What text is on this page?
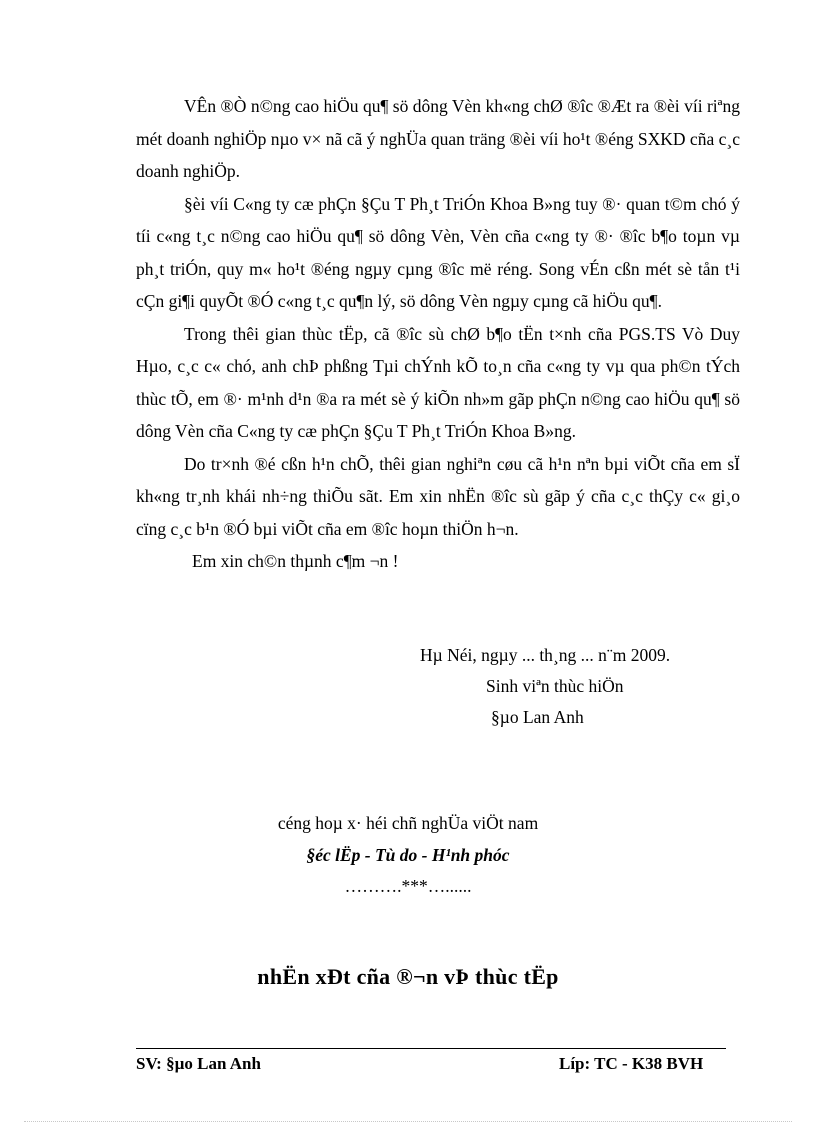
VÊn ®Ò n©ng cao hiÖu qu¶ sö dông Vèn kh«ng chØ ®îc ®Æt ra ®èi víi riªng mét doanh nghiÖp nµo v× nã cã ý nghÜa quan träng ®èi víi ho¹t ®éng SXKD cña c¸c doanh nghiÖp.

§èi víi C«ng ty cæ phÇn §Çu T Ph¸t TriÓn Khoa B»ng tuy ®· quan t©m chó ý tíi c«ng t¸c n©ng cao hiÖu qu¶ sö dông Vèn, Vèn cña c«ng ty ®· ®îc b¶o toµn vµ ph¸t triÓn, quy m« ho¹t ®éng ngµy cµng ®îc më réng. Song vÉn cßn mét sè tån t¹i cÇn gi¶i quyÕt ®Ó c«ng t¸c qu¶n lý, sö dông Vèn ngµy cµng cã hiÖu qu¶.

Trong thêi gian thùc tËp, cã ®îc sù chØ b¶o tËn t×nh cña PGS.TS Vò Duy Hµo, c¸c c« chó, anh chÞ phßng Tµi chÝnh kÕ to¸n cña c«ng ty vµ qua ph©n tÝch thùc tÕ, em ®· m¹nh d¹n ®a ra mét sè ý kiÕn nh»m gãp phÇn n©ng cao hiÖu qu¶ sö dông Vèn cña C«ng ty cæ phÇn §Çu T Ph¸t TriÓn Khoa B»ng.

Do tr×nh ®é cßn h¹n chÕ, thêi gian nghiªn cøu cã h¹n nªn bµi viÕt cña em sÏ kh«ng tr¸nh khái nh÷ng thiÕu sãt. Em xin nhËn ®îc sù gãp ý cña c¸c thÇy c« gi¸o cïng c¸c b¹n ®Ó bµi viÕt cña em ®îc hoµn thiÖn h¬n.

Em xin ch©n thµnh c¶m ¬n !

Hµ Néi, ngµy ... th¸ng ... n¨m 2009.
Sinh viªn thùc hiÖn
§µo Lan Anh
céng hoµ x· héi chñ nghÜa viÖt nam
§éc lËp - Tù do - H¹nh phóc
……….***…......
nhËn xÐt cña ®¬n vÞ thùc tËp
SV: §µo Lan Anh	Líp: TC - K38 BVH
